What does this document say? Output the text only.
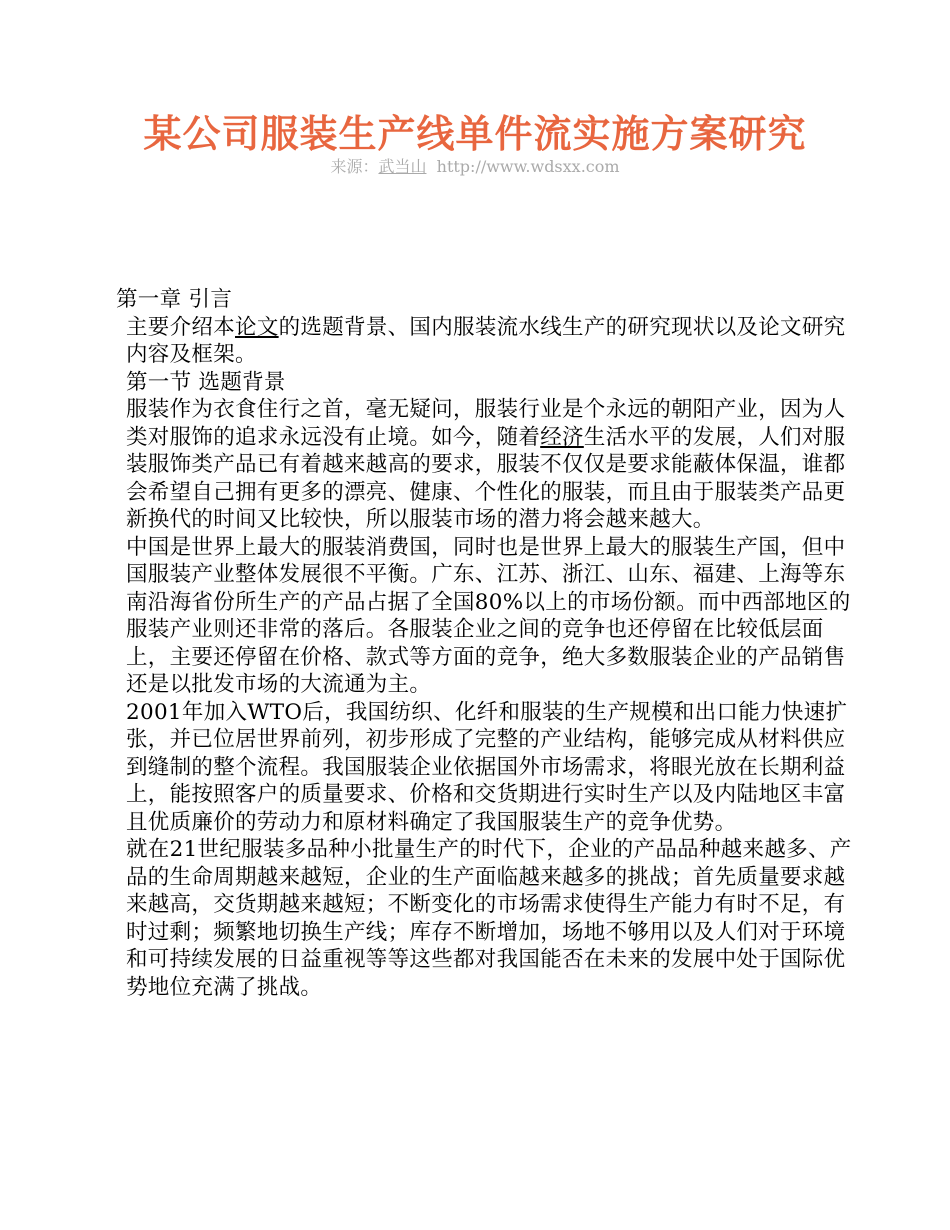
某公司服装生产线单件流实施方案研究
来源：武当山 http://www.wdsxx.com

第一章 引言

主要介绍本论文的选题背景、国内服装流水线生产的研究现状以及论文研究内容及框架。

第一节 选题背景

服装作为衣食住行之首，毫无疑问，服装行业是个永远的朝阳产业，因为人类对服饰的追求永远没有止境。如今，随着经济生活水平的发展，人们对服装服饰类产品已有着越来越高的要求，服装不仅仅是要求能蔽体保温，谁都会希望自己拥有更多的漂亮、健康、个性化的服装，而且由于服装类产品更新换代的时间又比较快，所以服装市场的潜力将会越来越大。

中国是世界上最大的服装消费国，同时也是世界上最大的服装生产国，但中国服装产业整体发展很不平衡。广东、江苏、浙江、山东、福建、上海等东南沿海省份所生产的产品占据了全国80%以上的市场份额。而中西部地区的服装产业则还非常的落后。各服装企业之间的竞争也还停留在比较低层面上，主要还停留在价格、款式等方面的竞争，绝大多数服装企业的产品销售还是以批发市场的大流通为主。

2001年加入WTO后，我国纺织、化纤和服装的生产规模和出口能力快速扩张，并已位居世界前列，初步形成了完整的产业结构，能够完成从材料供应到缝制的整个流程。我国服装企业依据国外市场需求，将眼光放在长期利益上，能按照客户的质量要求、价格和交货期进行实时生产以及内陆地区丰富且优质廉价的劳动力和原材料确定了我国服装生产的竞争优势。

就在21世纪服装多品种小批量生产的时代下，企业的产品品种越来越多、产品的生命周期越来越短，企业的生产面临越来越多的挑战；首先质量要求越来越高，交货期越来越短；不断变化的市场需求使得生产能力有时不足，有时过剩；频繁地切换生产线；库存不断增加，场地不够用以及人们对于环境和可持续发展的日益重视等等这些都对我国能否在未来的发展中处于国际优势地位充满了挑战。
